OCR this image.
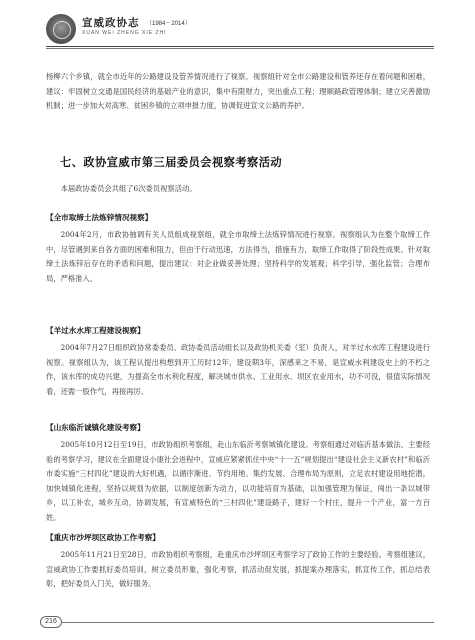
宣威政协志 （1984－2014）
XUAN WEI ZHENG XIE ZHI

杨柳六个乡镇，就全市近年的公路建设及管养情况进行了视察。视察组针对全市公路建设和管养还存在着问题和困难，建议：牢固树立交通是国民经济的基础产业的意识，集中有限财力，突出重点工程；理顺路政管理体制；建立完善激励机制；进一步加大对高寒、贫困乡镇的立项申报力度，协调促进宣文公路的养护。

七、政协宣威市第三届委员会视察考察活动

本届政协委员会共组了6次委员视察活动。

【全市取缔土法炼锌情况视察】

2004年2月，市政协抽调有关人员组成视察组，就全市取缔土法炼锌情况进行视察。视察组认为在整个取缔工作中，尽管遇到来自各方面的困难和阻力，但由于行动迅速，方法得当，措施有力，取缔工作取得了阶段性成果。针对取缔土法炼锌后存在的矛盾和问题，提出建议：对企业做妥善处理；坚持科学的发展观；科学引导，强化监管；合理布局，严格准入。

【羊过水水库工程建设视察】

2004年7月27日组织政协常委委员、政协委员活动组长以及政协机关委（室）负责人，对羊过水水库工程建设进行视察。视察组认为，该工程认提出构想到开工历时12年，建设期3年，深感来之不易，是宣威水利建设史上的不朽之作，该水库的成功兴建，为提高全市水利化程度，解决城市供水、工业用水、坝区农业用水，功不可没，很值实际情况看，还需一股作气，再接再厉。

【山东临沂诚镇化建设考察】

2005年10月12日至19日，市政协组织考察组，赴山东临沂考察城镇化建设。考察组通过对临沂基本做法、主要经验的考察学习，建议在全面建设小康社会进程中，宣威应紧紧抓住中央“十一五”规划提出“建设社会主义新农村”和临沂市委实施“三村四化”建设的大好机遇，以循序渐进、节约用地、集约发展、合理布局为原则，立足农村建设用地挖潜，加快城镇化进程，坚持以规划为依据，以制度创新为动力，以功能培育为基础，以加强管理为保证，闯出一条以城带乡，以工补农，城乡互动，协调发展，有宣威特色的“三村四化”建设路子，建好一个村庄，提升一个产业，富一方百姓。

【重庆市沙坪坝区政协工作考察】

2005年11月21日至28日，市政协组织考察组，赴重庆市沙坪坝区考察学习了政协工作的主要经验。考察组建议，宣威政协工作要抓好委员培训，树立委员形象，强化考察，抓活动促发展，抓提案办理落实，抓宣传工作，抓总结表彰，把好委员入门关，做好服务。

216
